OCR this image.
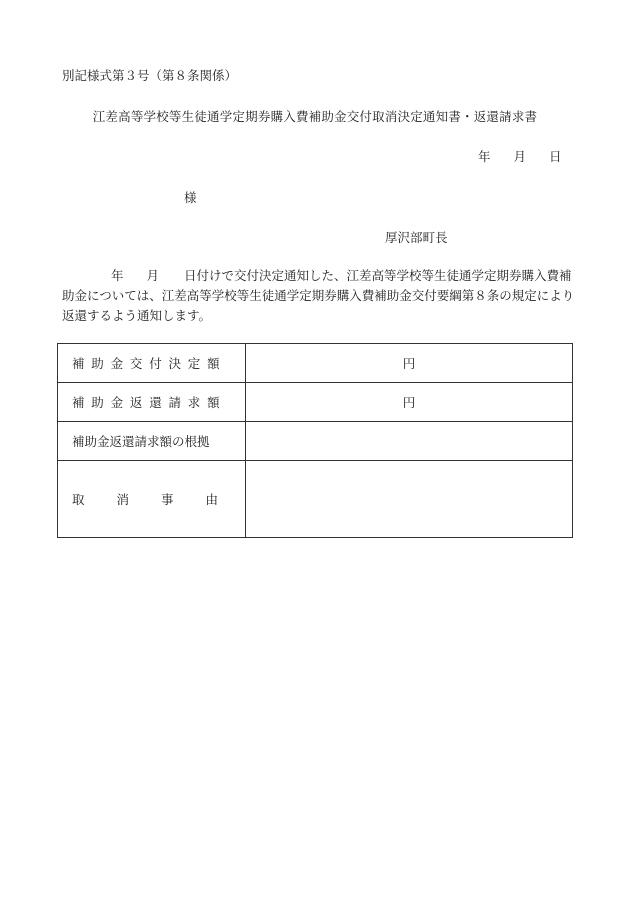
別記様式第３号（第８条関係）
江差高等学校等生徒通学定期券購入費補助金交付取消決定通知書・返還請求書
年 月 日
様
厚沢部町長
年 月 日付けで交付決定通知した、江差高等学校等生徒通学定期券購入費補
助金については、江差高等学校等生徒通学定期券購入費補助金交付要綱第８条の規定により
返還するよう通知します。
補助金交付決定額	円
補助金返還請求額	円
補助金返還請求額の根拠	

取 消 事 由	
